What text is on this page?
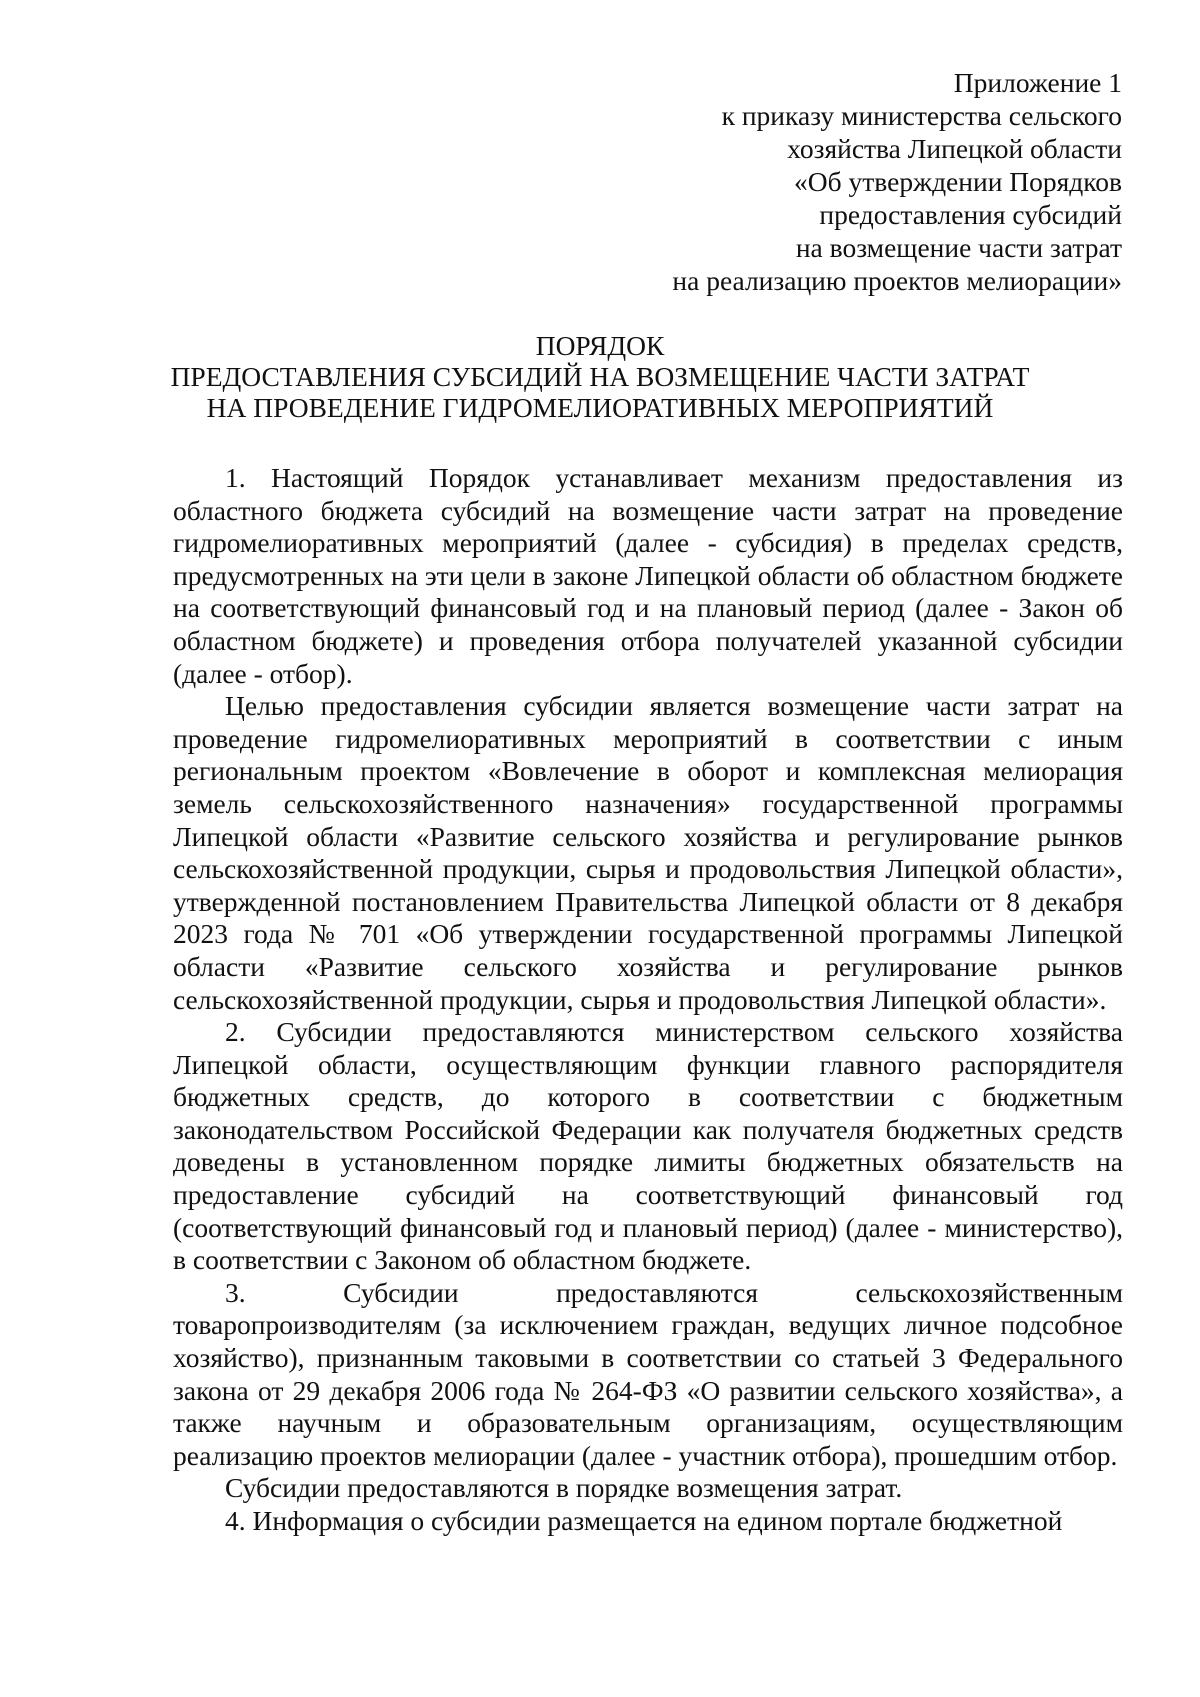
Приложение 1
к приказу министерства сельского
хозяйства Липецкой области
«Об утверждении Порядков
предоставления субсидий
на возмещение части затрат
на реализацию проектов мелиорации»
ПОРЯДОК
ПРЕДОСТАВЛЕНИЯ СУБСИДИЙ НА ВОЗМЕЩЕНИЕ ЧАСТИ ЗАТРАТ
НА ПРОВЕДЕНИЕ ГИДРОМЕЛИОРАТИВНЫХ МЕРОПРИЯТИЙ

1. Настоящий Порядок устанавливает механизм предоставления из областного бюджета субсидий на возмещение части затрат на проведение гидромелиоративных мероприятий (далее - субсидия) в пределах средств, предусмотренных на эти цели в законе Липецкой области об областном бюджете на соответствующий финансовый год и на плановый период (далее - Закон об областном бюджете) и проведения отбора получателей указанной субсидии (далее - отбор).

Целью предоставления субсидии является возмещение части затрат на проведение гидромелиоративных мероприятий в соответствии с иным региональным проектом «Вовлечение в оборот и комплексная мелиорация земель сельскохозяйственного назначения» государственной программы Липецкой области «Развитие сельского хозяйства и регулирование рынков сельскохозяйственной продукции, сырья и продовольствия Липецкой области», утвержденной постановлением Правительства Липецкой области от 8 декабря 2023 года № 701 «Об утверждении государственной программы Липецкой области «Развитие сельского хозяйства и регулирование рынков сельскохозяйственной продукции, сырья и продовольствия Липецкой области».

2. Субсидии предоставляются министерством сельского хозяйства Липецкой области, осуществляющим функции главного распорядителя бюджетных средств, до которого в соответствии с бюджетным законодательством Российской Федерации как получателя бюджетных средств доведены в установленном порядке лимиты бюджетных обязательств на предоставление субсидий на соответствующий финансовый год (соответствующий финансовый год и плановый период) (далее - министерство), в соответствии с Законом об областном бюджете.

3. Субсидии предоставляются сельскохозяйственным товаропроизводителям (за исключением граждан, ведущих личное подсобное хозяйство), признанным таковыми в соответствии со статьей 3 Федерального закона от 29 декабря 2006 года № 264-ФЗ «О развитии сельского хозяйства», а также научным и образовательным организациям, осуществляющим реализацию проектов мелиорации (далее - участник отбора), прошедшим отбор.

Субсидии предоставляются в порядке возмещения затрат.

4. Информация о субсидии размещается на едином портале бюджетной
